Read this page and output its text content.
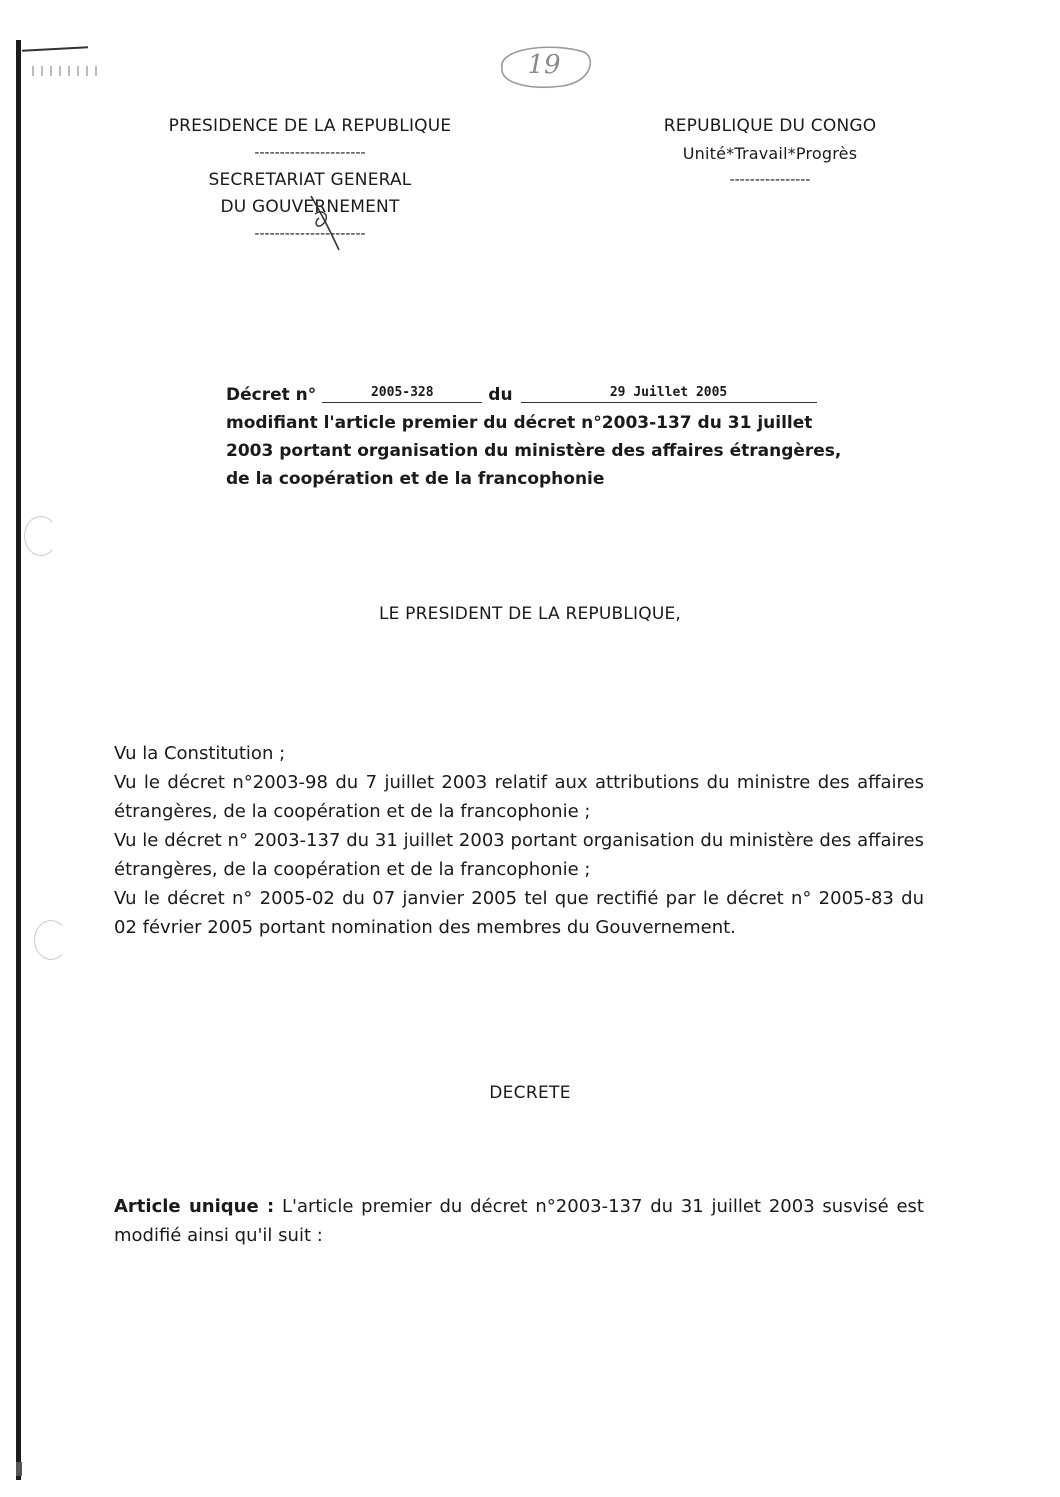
19
PRESIDENCE DE LA REPUBLIQUE
----------------------
SECRETARIAT GENERAL
DU GOUVERNEMENT
----------------------
REPUBLIQUE DU CONGO
Unité*Travail*Progrès
----------------
Décret n°	2005-328	du	29 Juillet 2005
modifiant l'article premier du décret n°2003-137 du 31 juillet
2003 portant organisation du ministère des affaires étrangères,
de la coopération et de la francophonie
LE PRESIDENT DE LA REPUBLIQUE,

Vu la Constitution ;

Vu le décret n°2003-98 du 7 juillet 2003 relatif aux attributions du ministre des affaires étrangères, de la coopération et de la francophonie ;

Vu le décret n° 2003-137 du 31 juillet 2003 portant organisation du ministère des affaires étrangères, de la coopération et de la francophonie ;

Vu le décret n° 2005-02 du 07 janvier 2005 tel que rectifié par le décret n° 2005-83 du 02 février 2005 portant nomination des membres du Gouvernement.

DECRETE

Article unique : L'article premier du décret n°2003-137 du 31 juillet 2003 susvisé est modifié ainsi qu'il suit :
